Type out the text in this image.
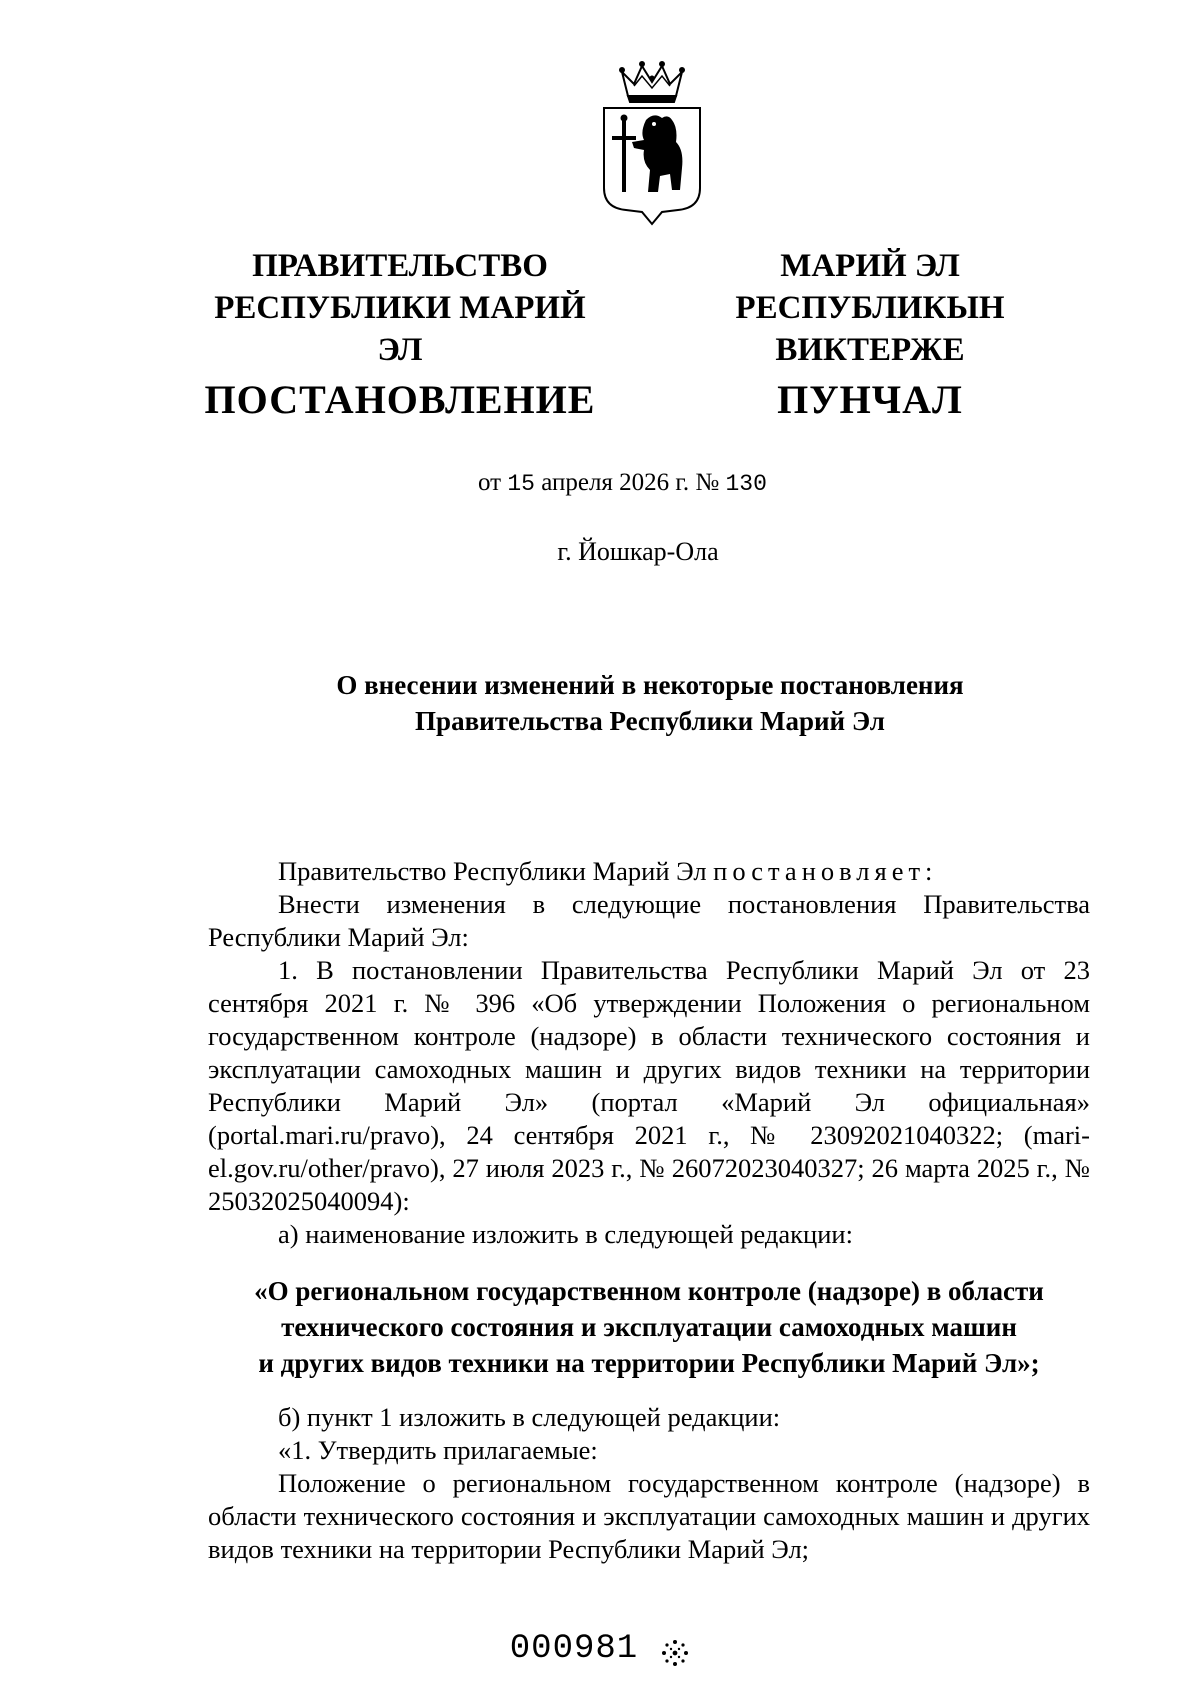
ПРАВИТЕЛЬСТВО
РЕСПУБЛИКИ МАРИЙ ЭЛ
ПОСТАНОВЛЕНИЕ
МАРИЙ ЭЛ РЕСПУБЛИКЫН
ВИКТЕРЖЕ
ПУНЧАЛ
от 15 апреля 2026 г. № 130
г. Йошкар-Ола
О внесении изменений в некоторые постановления
Правительства Республики Марий Эл
Правительство Республики Марий Эл постановляет:
Внести изменения в следующие постановления Правительства Республики Марий Эл:
1. В постановлении Правительства Республики Марий Эл от 23 сентября 2021 г. № 396 «Об утверждении Положения о региональном государственном контроле (надзоре) в области технического состояния и эксплуатации самоходных машин и других видов техники на территории Республики Марий Эл» (портал «Марий Эл официальная» (portal.mari.ru/pravo), 24 сентября 2021 г., № 23092021040322; (mari-el.gov.ru/other/pravo), 27 июля 2023 г., № 26072023040327; 26 марта 2025 г., № 25032025040094):
а) наименование изложить в следующей редакции:
«О региональном государственном контроле (надзоре) в области
технического состояния и эксплуатации самоходных машин
и других видов техники на территории Республики Марий Эл»;
б) пункт 1 изложить в следующей редакции:
«1. Утвердить прилагаемые:
Положение о региональном государственном контроле (надзоре) в области технического состояния и эксплуатации самоходных машин и других видов техники на территории Республики Марий Эл;
000981
